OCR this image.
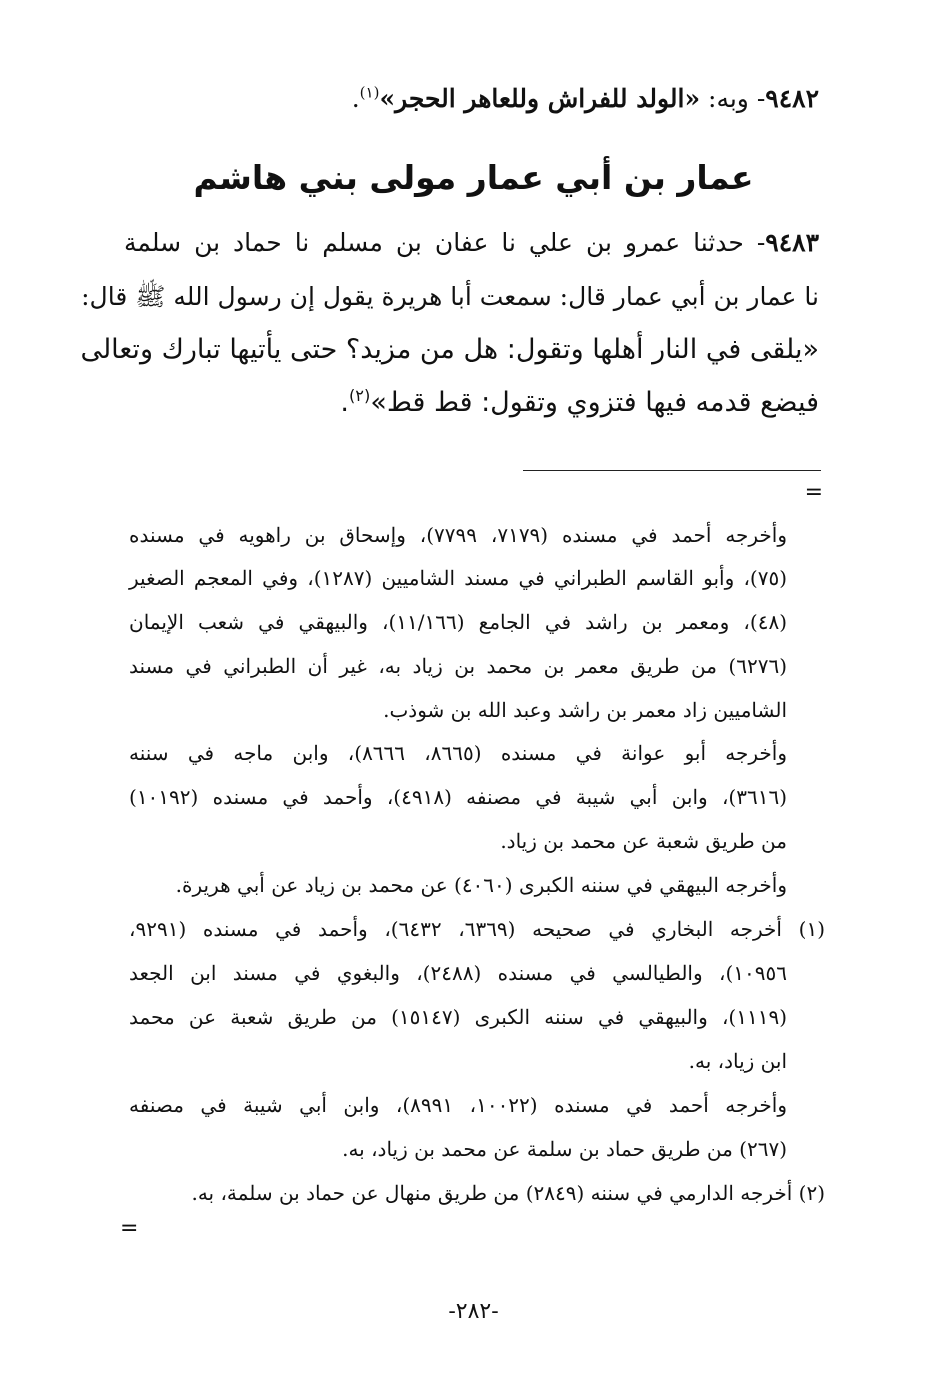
٩٤٨٢- وبه: «الولد للفراش وللعاهر الحجر»$^{(١)}$.
عمار بن أبي عمار مولى بني هاشم
٩٤٨٣- حدثنا عمرو بن علي نا عفان بن مسلم نا حماد بن سلمة
نا عمار بن أبي عمار قال: سمعت أبا هريرة يقول إن رسول الله ﷺ قال:
«يلقى في النار أهلها وتقول: هل من مزيد؟ حتى يأتيها تبارك وتعالى
فيضع قدمه فيها فتزوي وتقول: قط قط»$^{(٢)}$.
=
وأخرجه أحمد في مسنده (٧١٧٩، ٧٧٩٩)، وإسحاق بن راهويه في مسنده
(٧٥)، وأبو القاسم الطبراني في مسند الشاميين (١٢٨٧)، وفي المعجم الصغير
(٤٨)، ومعمر بن راشد في الجامع (١١/١٦٦)، والبيهقي في شعب الإيمان
(٦٢٧٦) من طريق معمر بن محمد بن زياد به، غير أن الطبراني في مسند
الشاميين زاد معمر بن راشد وعبد الله بن شوذب.
وأخرجه أبو عوانة في مسنده (٨٦٦٥، ٨٦٦٦)، وابن ماجه في سننه
(٣٦١٦)، وابن أبي شيبة في مصنفه (٤٩١٨)، وأحمد في مسنده (١٠١٩٢)
من طريق شعبة عن محمد بن زياد.
وأخرجه البيهقي في سننه الكبرى (٤٠٦٠) عن محمد بن زياد عن أبي هريرة.
(١) أخرجه البخاري في صحيحه (٦٣٦٩، ٦٤٣٢)، وأحمد في مسنده (٩٢٩١،
١٠٩٥٦)، والطيالسي في مسنده (٢٤٨٨)، والبغوي في مسند ابن الجعد
(١١١٩)، والبيهقي في سننه الكبرى (١٥١٤٧) من طريق شعبة عن محمد
ابن زياد، به.
وأخرجه أحمد في مسنده (١٠٠٢٢، ٨٩٩١)، وابن أبي شيبة في مصنفه
(٢٦٧) من طريق حماد بن سلمة عن محمد بن زياد، به.
(٢) أخرجه الدارمي في سننه (٢٨٤٩) من طريق منهال عن حماد بن سلمة، به.
=
-٢٨٢-
